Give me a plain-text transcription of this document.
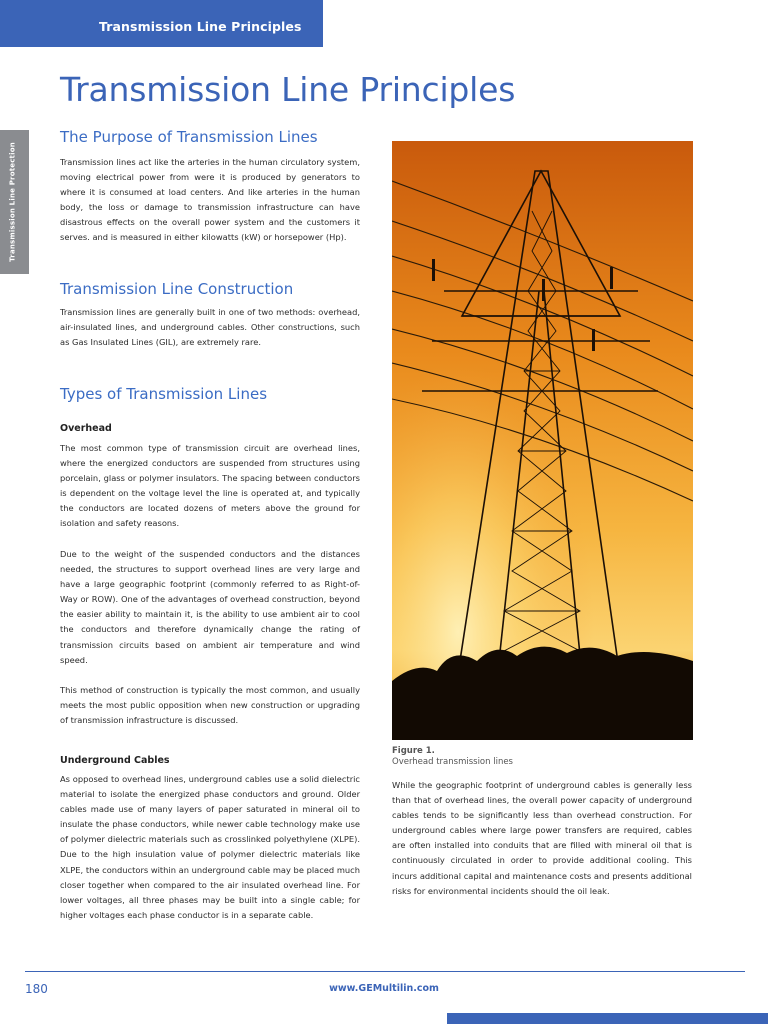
Transmission Line Principles
Transmission Line Protection
Transmission Line Principles
The Purpose of Transmission Lines

Transmission lines act like the arteries in the human circulatory system, moving electrical power from were it is produced by generators to where it is consumed at load centers. And like arteries in the human body, the loss or damage to transmission infrastructure can have disastrous effects on the overall power system and the customers it serves. and is measured in either kilowatts (kW) or horsepower (Hp).

Transmission Line Construction

Transmission lines are generally built in one of two methods: overhead, air-insulated lines, and underground cables. Other constructions, such as Gas Insulated Lines (GIL), are extremely rare.

Types of Transmission Lines
Overhead

The most common type of transmission circuit are overhead lines, where the energized conductors are suspended from structures using porcelain, glass or polymer insulators. The spacing between conductors is dependent on the voltage level the line is operated at, and typically the conductors are located dozens of meters above the ground for isolation and safety reasons.

Due to the weight of the suspended conductors and the distances needed, the structures to support overhead lines are very large and have a large geographic footprint (commonly referred to as Right-of-Way or ROW). One of the advantages of overhead construction, beyond the easier ability to maintain it, is the ability to use ambient air to cool the conductors and therefore dynamically change the rating of transmission circuits based on ambient air temperature and wind speed.

This method of construction is typically the most common, and usually meets the most public opposition when new construction or upgrading of transmission infrastructure is discussed.

Underground Cables

As opposed to overhead lines, underground cables use a solid dielectric material to isolate the energized phase conductors and ground. Older cables made use of many layers of paper saturated in mineral oil to insulate the phase conductors, while newer cable technology make use of polymer dielectric materials such as crosslinked polyethylene (XLPE). Due to the high insulation value of polymer dielectric materials like XLPE, the conductors within an underground cable may be placed much closer together when compared to the air insulated overhead line. For lower voltages, all three phases may be built into a single cable; for higher voltages each phase conductor is in a separate cable.

Figure 1.
Overhead transmission lines

While the geographic footprint of underground cables is generally less than that of overhead lines, the overall power capacity of underground cables tends to be significantly less than overhead construction. For underground cables where large power transfers are required, cables are often installed into conduits that are filled with mineral oil that is continuously circulated in order to provide additional cooling. This incurs additional capital and maintenance costs and presents additional risks for environmental incidents should the oil leak.

180	www.GEMultilin.com
